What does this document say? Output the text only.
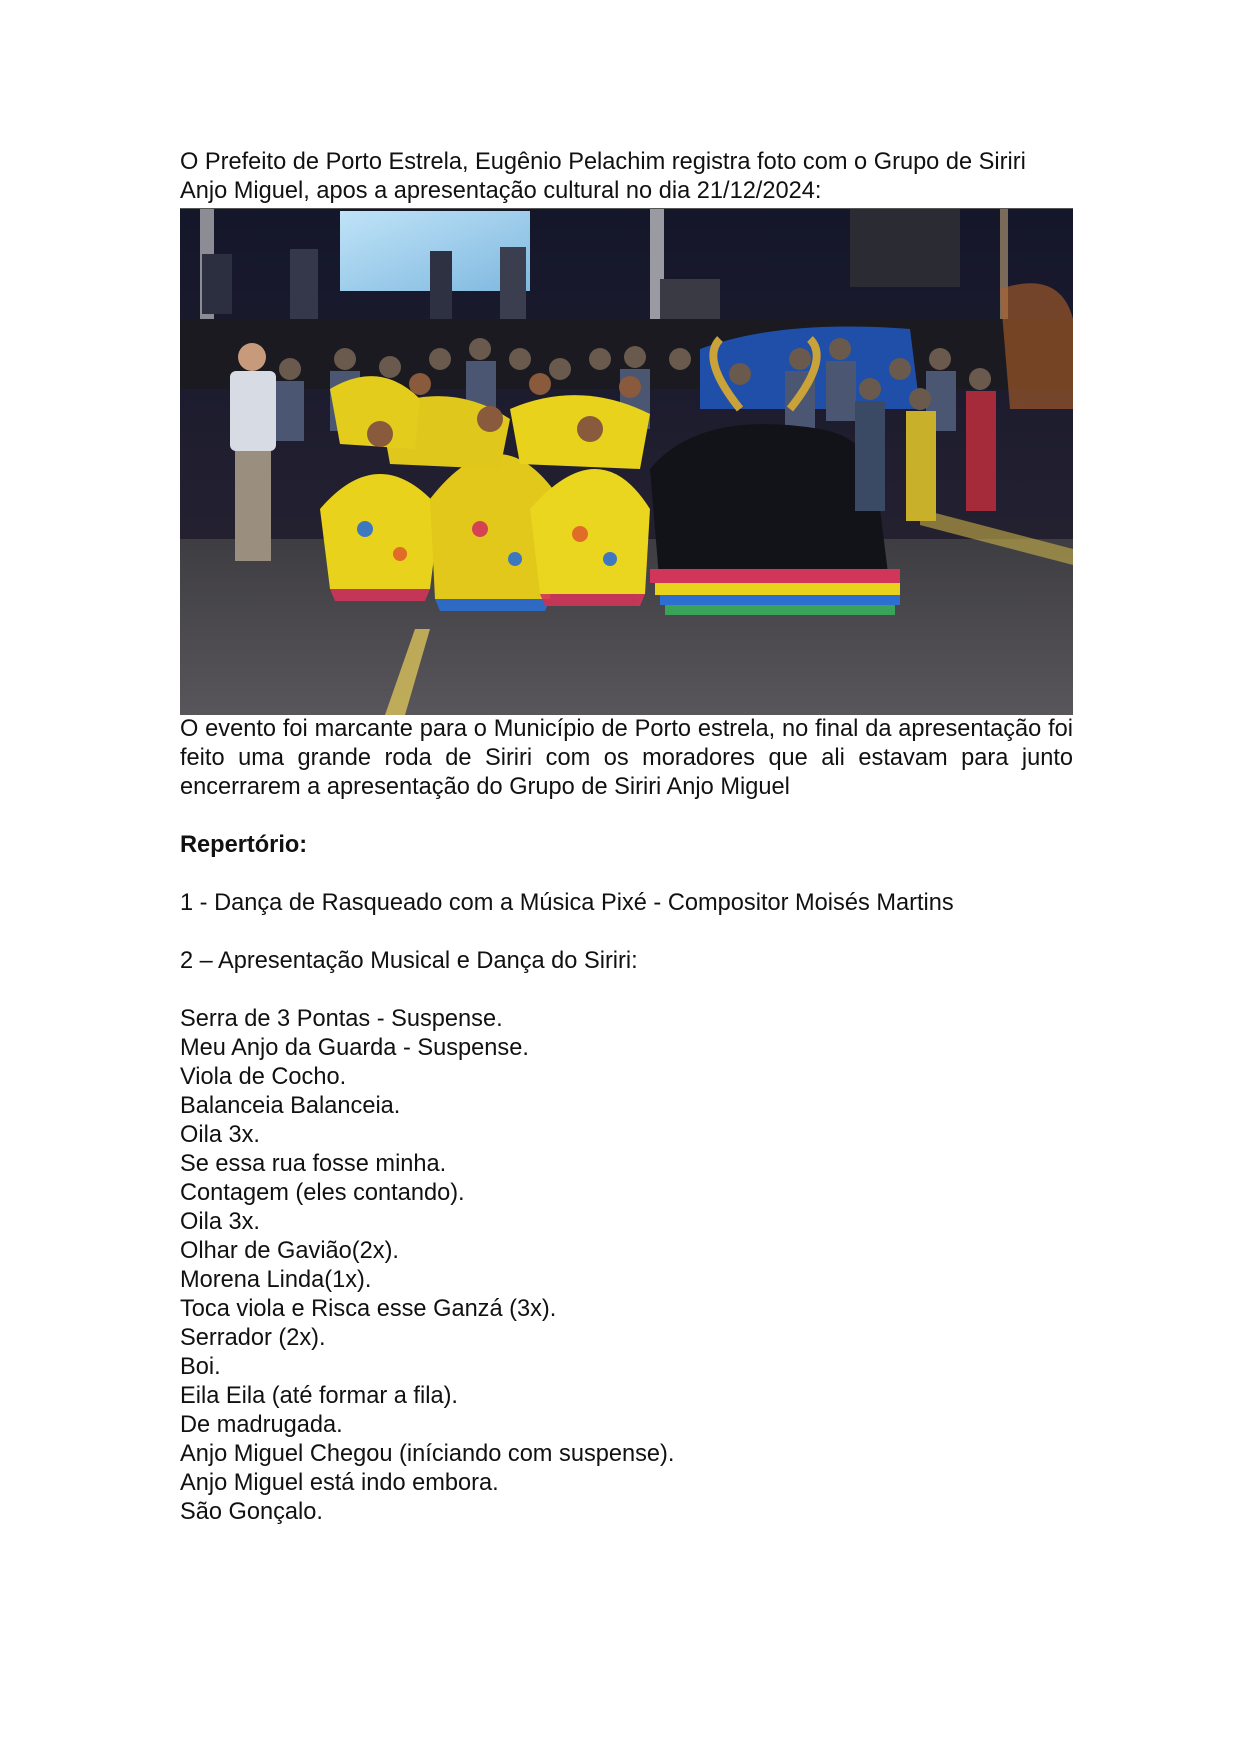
O Prefeito de Porto Estrela, Eugênio Pelachim registra foto com o Grupo de Siriri Anjo Miguel, apos a apresentação cultural no dia 21/12/2024:

O evento foi marcante para o Município de Porto estrela, no final da apresentação foi feito uma grande roda de Siriri com os moradores que ali estavam para junto encerrarem a apresentação do Grupo de Siriri Anjo Miguel

Repertório:

1 - Dança de Rasqueado com a Música Pixé - Compositor Moisés Martins

2 – Apresentação Musical e Dança do Siriri:

Serra de 3 Pontas - Suspense.
Meu Anjo da Guarda - Suspense.
Viola de Cocho.
Balanceia Balanceia.
Oila 3x.
Se essa rua fosse minha.
Contagem (eles contando).
Oila 3x.
Olhar de Gavião(2x).
Morena Linda(1x).
Toca viola e Risca esse Ganzá (3x).
Serrador (2x).
Boi.
Eila Eila (até formar a fila).
De madrugada.
Anjo Miguel Chegou (iníciando com suspense).
Anjo Miguel está indo embora.
São Gonçalo.
